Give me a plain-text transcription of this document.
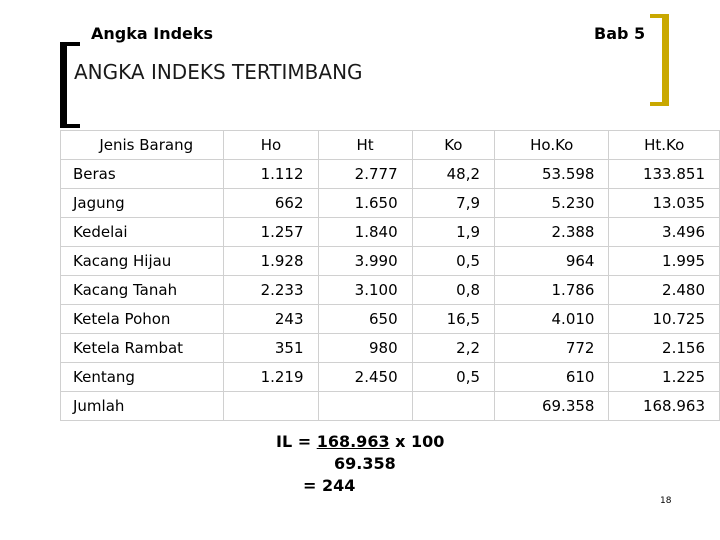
Angka Indeks	Bab 5
ANGKA INDEKS TERTIMBANG
Jenis Barang	Ho	Ht	Ko	Ho.Ko	Ht.Ko
Beras	1.112	2.777	48,2	53.598	133.851
Jagung	662	1.650	7,9	5.230	13.035
Kedelai	1.257	1.840	1,9	2.388	3.496
Kacang Hijau	1.928	3.990	0,5	964	1.995
Kacang Tanah	2.233	3.100	0,8	1.786	2.480
Ketela Pohon	243	650	16,5	4.010	10.725
Ketela Rambat	351	980	2,2	772	2.156
Kentang	1.219	2.450	0,5	610	1.225
Jumlah				69.358	168.963
IL = 168.963 x 100
69.358
= 244
18
